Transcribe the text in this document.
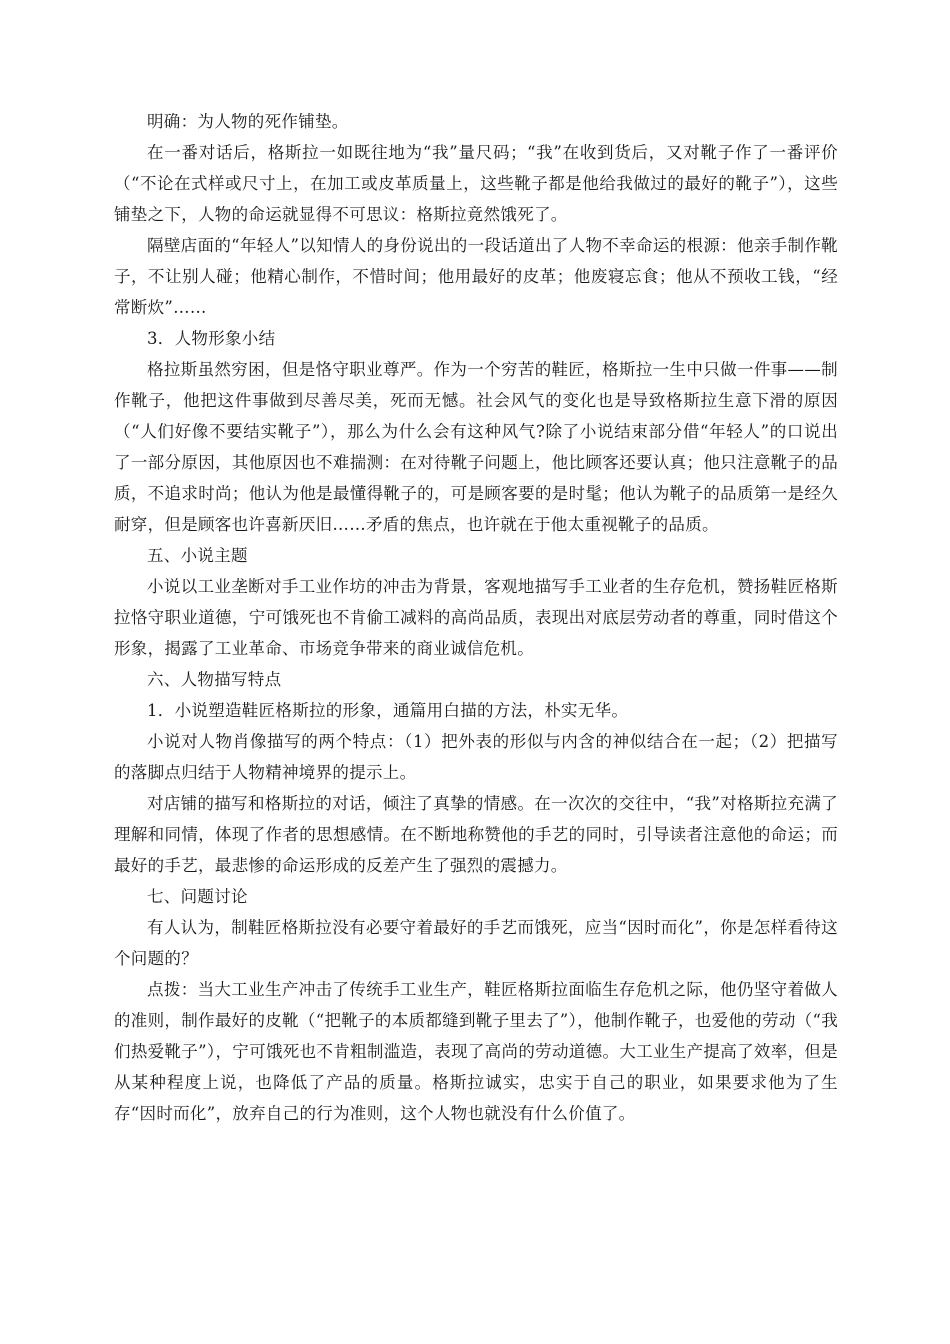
明确：为人物的死作铺垫。

在一番对话后，格斯拉一如既往地为“我”量尺码；“我”在收到货后，又对靴子作了一番评价（“不论在式样或尺寸上，在加工或皮革质量上，这些靴子都是他给我做过的最好的靴子”），这些铺垫之下，人物的命运就显得不可思议：格斯拉竟然饿死了。

隔壁店面的“年轻人”以知情人的身份说出的一段话道出了人物不幸命运的根源：他亲手制作靴子，不让别人碰；他精心制作，不惜时间；他用最好的皮革；他废寝忘食；他从不预收工钱，“经常断炊”……

3．人物形象小结

格拉斯虽然穷困，但是恪守职业尊严。作为一个穷苦的鞋匠，格斯拉一生中只做一件事——制作靴子，他把这件事做到尽善尽美，死而无憾。社会风气的变化也是导致格斯拉生意下滑的原因（“人们好像不要结实靴子”），那么为什么会有这种风气?除了小说结束部分借“年轻人”的口说出了一部分原因，其他原因也不难揣测：在对待靴子问题上，他比顾客还要认真；他只注意靴子的品质，不追求时尚；他认为他是最懂得靴子的，可是顾客要的是时髦；他认为靴子的品质第一是经久耐穿，但是顾客也许喜新厌旧……矛盾的焦点，也许就在于他太重视靴子的品质。

五、小说主题

小说以工业垄断对手工业作坊的冲击为背景，客观地描写手工业者的生存危机，赞扬鞋匠格斯拉恪守职业道德，宁可饿死也不肯偷工减料的高尚品质，表现出对底层劳动者的尊重，同时借这个形象，揭露了工业革命、市场竞争带来的商业诚信危机。

六、人物描写特点

1．小说塑造鞋匠格斯拉的形象，通篇用白描的方法，朴实无华。

小说对人物肖像描写的两个特点：（1）把外表的形似与内含的神似结合在一起；（2）把描写的落脚点归结于人物精神境界的提示上。

对店铺的描写和格斯拉的对话，倾注了真挚的情感。在一次次的交往中，“我”对格斯拉充满了理解和同情，体现了作者的思想感情。在不断地称赞他的手艺的同时，引导读者注意他的命运；而最好的手艺，最悲惨的命运形成的反差产生了强烈的震撼力。

七、问题讨论

有人认为，制鞋匠格斯拉没有必要守着最好的手艺而饿死，应当“因时而化”，你是怎样看待这个问题的？

点拨：当大工业生产冲击了传统手工业生产，鞋匠格斯拉面临生存危机之际，他仍坚守着做人的准则，制作最好的皮靴（“把靴子的本质都缝到靴子里去了”），他制作靴子，也爱他的劳动（“我们热爱靴子”），宁可饿死也不肯粗制滥造，表现了高尚的劳动道德。大工业生产提高了效率，但是从某种程度上说，也降低了产品的质量。格斯拉诚实，忠实于自己的职业，如果要求他为了生存“因时而化”，放弃自己的行为准则，这个人物也就没有什么价值了。
